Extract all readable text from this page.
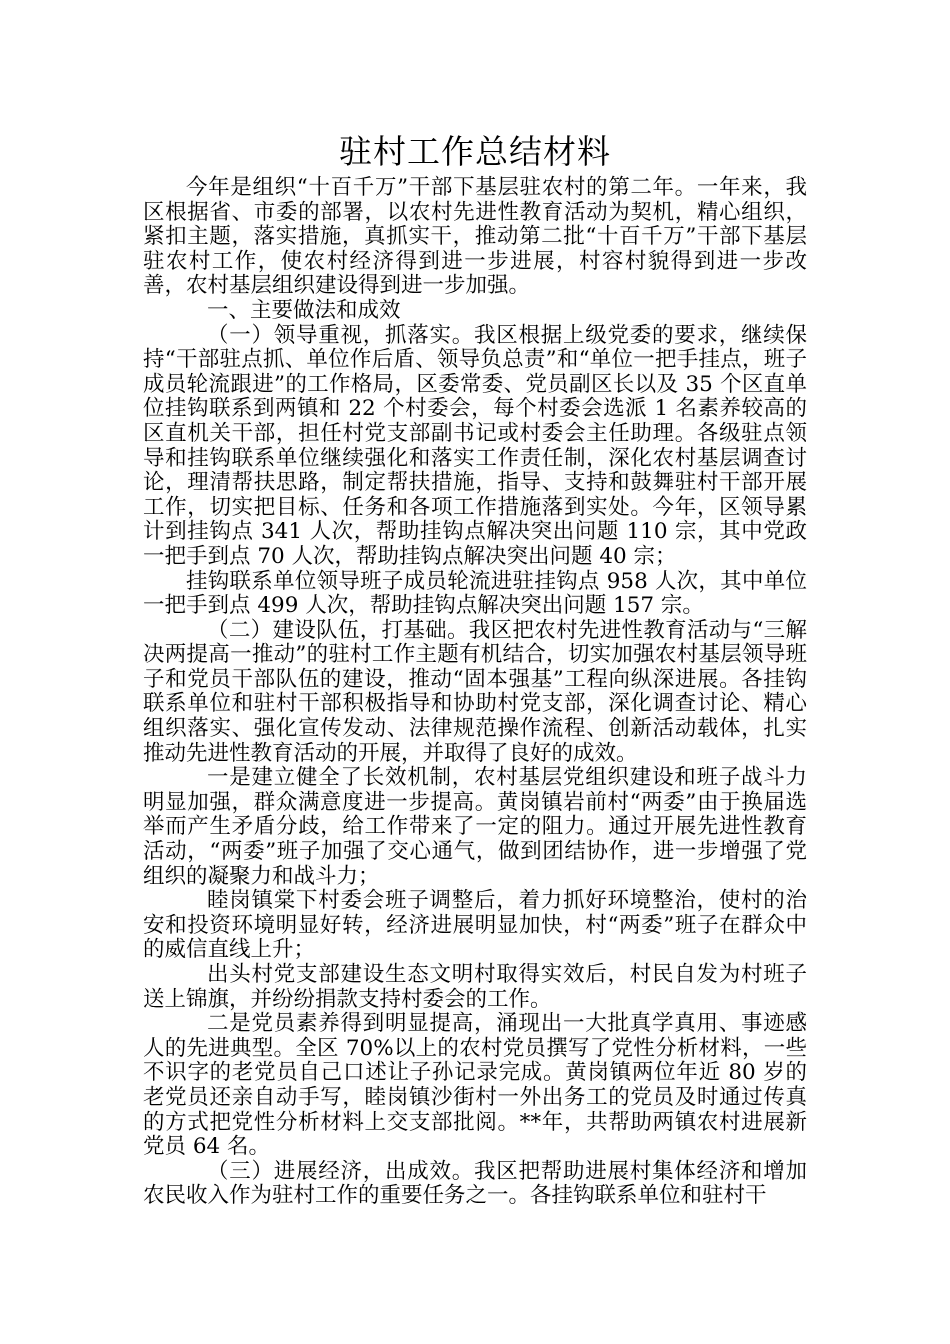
驻村工作总结材料

今年是组织“十百千万”干部下基层驻农村的第二年。一年来，我区根据省、市委的部署，以农村先进性教育活动为契机，精心组织，紧扣主题，落实措施，真抓实干，推动第二批“十百千万”干部下基层驻农村工作，使农村经济得到进一步进展，村容村貌得到进一步改善，农村基层组织建设得到进一步加强。

一、主要做法和成效

（一）领导重视，抓落实。我区根据上级党委的要求，继续保持“干部驻点抓、单位作后盾、领导负总责”和“单位一把手挂点，班子成员轮流跟进”的工作格局，区委常委、党员副区长以及 35 个区直单位挂钩联系到两镇和 22 个村委会，每个村委会选派 1 名素养较高的区直机关干部，担任村党支部副书记或村委会主任助理。各级驻点领导和挂钩联系单位继续强化和落实工作责任制，深化农村基层调查讨论，理清帮扶思路，制定帮扶措施，指导、支持和鼓舞驻村干部开展工作，切实把目标、任务和各项工作措施落到实处。今年，区领导累计到挂钩点 341 人次，帮助挂钩点解决突出问题 110 宗，其中党政一把手到点 70 人次，帮助挂钩点解决突出问题 40 宗；

挂钩联系单位领导班子成员轮流进驻挂钩点 958 人次，其中单位一把手到点 499 人次，帮助挂钩点解决突出问题 157 宗。

（二）建设队伍，打基础。我区把农村先进性教育活动与“三解决两提高一推动”的驻村工作主题有机结合，切实加强农村基层领导班子和党员干部队伍的建设，推动“固本强基”工程向纵深进展。各挂钩联系单位和驻村干部积极指导和协助村党支部，深化调查讨论、精心组织落实、强化宣传发动、法律规范操作流程、创新活动载体，扎实推动先进性教育活动的开展，并取得了良好的成效。

一是建立健全了长效机制，农村基层党组织建设和班子战斗力明显加强，群众满意度进一步提高。黄岗镇岩前村“两委”由于换届选举而产生矛盾分歧，给工作带来了一定的阻力。通过开展先进性教育活动，“两委”班子加强了交心通气，做到团结协作，进一步增强了党组织的凝聚力和战斗力；

睦岗镇棠下村委会班子调整后，着力抓好环境整治，使村的治安和投资环境明显好转，经济进展明显加快，村“两委”班子在群众中的威信直线上升；

出头村党支部建设生态文明村取得实效后，村民自发为村班子送上锦旗，并纷纷捐款支持村委会的工作。

二是党员素养得到明显提高，涌现出一大批真学真用、事迹感人的先进典型。全区 70%以上的农村党员撰写了党性分析材料，一些不识字的老党员自己口述让子孙记录完成。黄岗镇两位年近 80 岁的老党员还亲自动手写，睦岗镇沙街村一外出务工的党员及时通过传真的方式把党性分析材料上交支部批阅。**年，共帮助两镇农村进展新党员 64 名。

（三）进展经济，出成效。我区把帮助进展村集体经济和增加农民收入作为驻村工作的重要任务之一。各挂钩联系单位和驻村干
